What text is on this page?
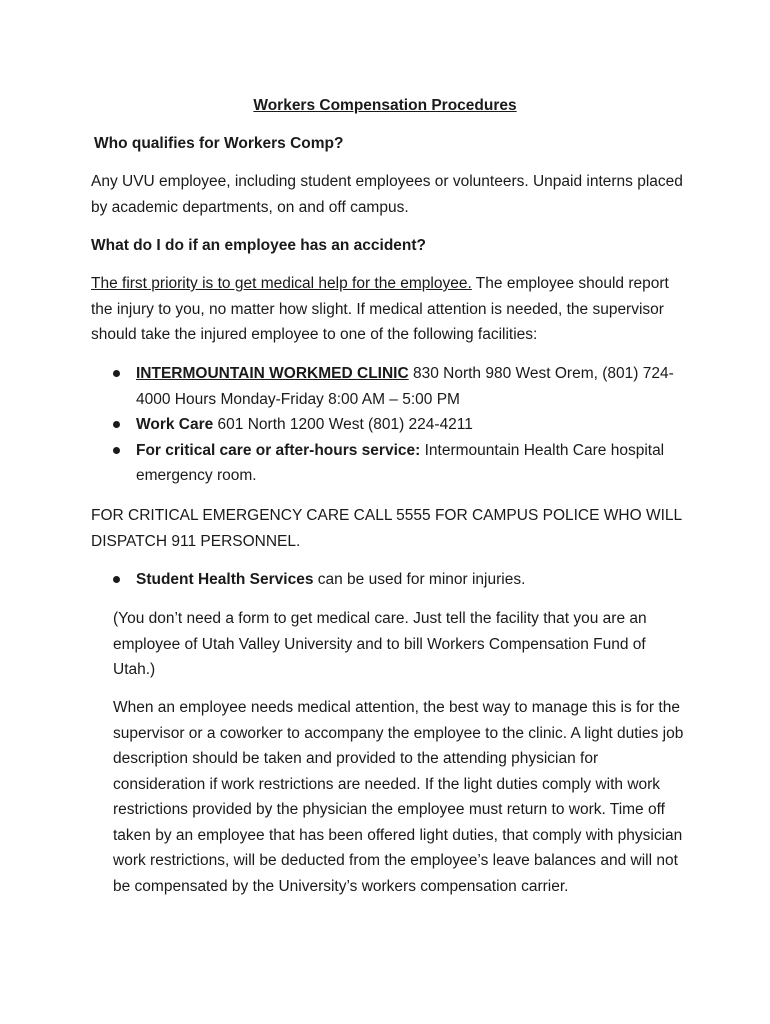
Workers Compensation Procedures
Who qualifies for Workers Comp?
Any UVU employee, including student employees or volunteers. Unpaid interns placed by academic departments, on and off campus.
What do I do if an employee has an accident?
The first priority is to get medical help for the employee. The employee should report the injury to you, no matter how slight. If medical attention is needed, the supervisor should take the injured employee to one of the following facilities:
INTERMOUNTAIN WORKMED CLINIC 830 North 980 West Orem, (801) 724-4000 Hours Monday-Friday 8:00 AM – 5:00 PM
Work Care 601 North 1200 West (801) 224-4211
For critical care or after-hours service: Intermountain Health Care hospital emergency room.
FOR CRITICAL EMERGENCY CARE CALL 5555 FOR CAMPUS POLICE WHO WILL DISPATCH 911 PERSONNEL.
Student Health Services can be used for minor injuries.
(You don’t need a form to get medical care. Just tell the facility that you are an employee of Utah Valley University and to bill Workers Compensation Fund of Utah.)
When an employee needs medical attention, the best way to manage this is for the supervisor or a coworker to accompany the employee to the clinic. A light duties job description should be taken and provided to the attending physician for consideration if work restrictions are needed. If the light duties comply with work restrictions provided by the physician the employee must return to work. Time off taken by an employee that has been offered light duties, that comply with physician work restrictions, will be deducted from the employee’s leave balances and will not be compensated by the University’s workers compensation carrier.
